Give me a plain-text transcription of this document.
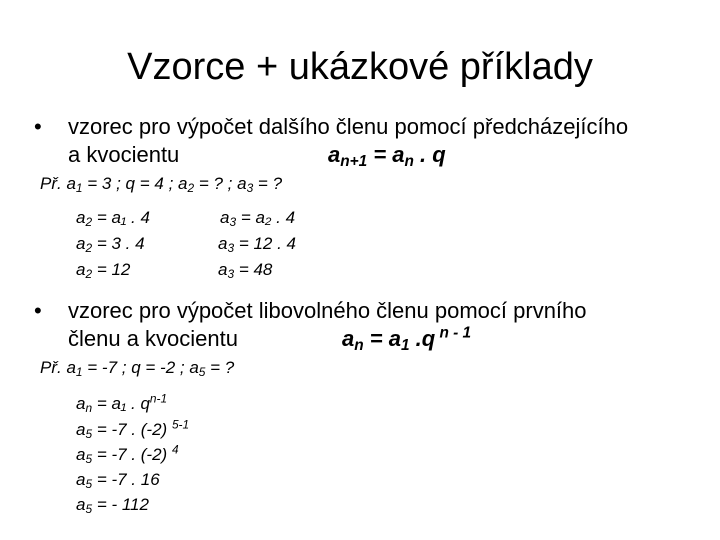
Vzorce + ukázkové příklady
• vzorec pro výpočet dalšího členu pomocí předcházejícího
a kvocientu	$a_{n+1} = a_n$ . q
Př. $a_1 = 3$ ; q = 4 ; $a_2$ = ? ; $a_3$ = ?
$a_2 = a_1$ . 4
$a_2 = 3$ . 4
$a_2 = 12$
$a_3 = a_2$ . 4
$a_3 = 12$ . 4
$a_3 = 48$
• vzorec pro výpočet libovolného členu pomocí prvního
členu a kvocientu	$a_n = a_1$ .q $^{n - 1}$
Př. $a_1 = -7$ ; q = -2 ; $a_5$ = ?
$a_n = a_1$ . $q^{n-1}$
$a_5 = -7$ . (-2) $^{5-1}$
$a_5 = -7$ . (-2) $^4$
$a_5 = -7$ . 16
$a_5$ = - 112
